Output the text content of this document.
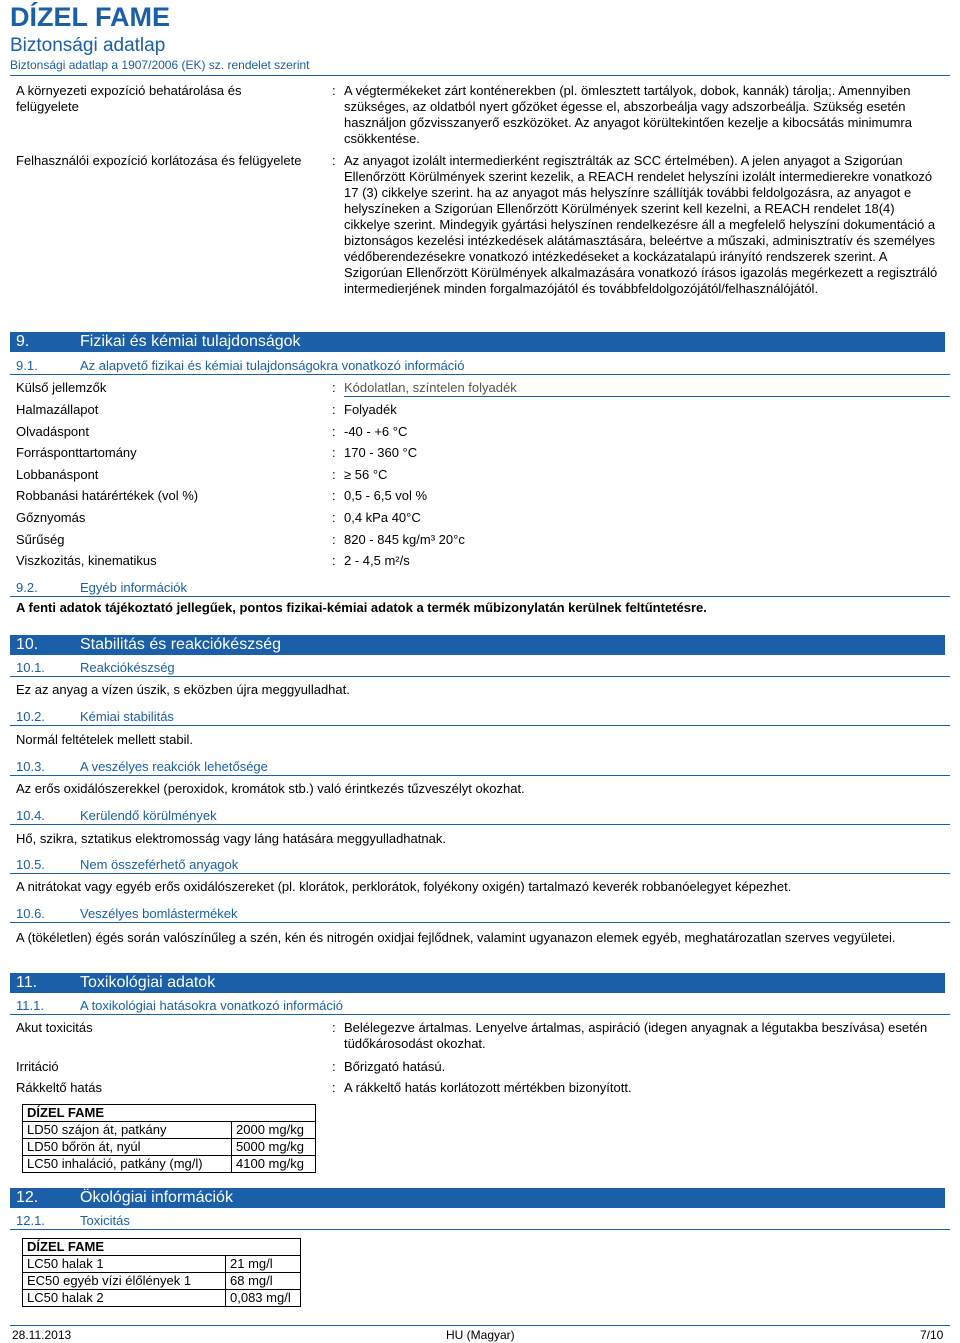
DÍZEL FAME
Biztonsági adatlap
Biztonsági adatlap a 1907/2006 (EK) sz. rendelet szerint
A környezeti expozíció behatárolása és felügyelete
: A végtermékeket zárt konténerekben (pl. ömlesztett tartályok, dobok, kannák) tárolja;. Amennyiben szükséges, az oldatból nyert gőzöket égesse el, abszorbeálja vagy adszorbeálja. Szükség esetén használjon gőzvisszanyerő eszközöket. Az anyagot körültekintően kezelje a kibocsátás minimumra csökkentése.
Felhasználói expozíció korlátozása és felügyelete	: Az anyagot izolált intermedierként regisztrálták az SCC értelmében). A jelen anyagot a Szigorúan Ellenőrzött Körülmények szerint kezelik, a REACH rendelet helyszíni izolált intermedierekre vonatkozó 17 (3) cikkelye szerint. ha az anyagot más helyszínre szállítják további feldolgozásra, az anyagot e helyszíneken a Szigorúan Ellenőrzött Körülmények szerint kell kezelni, a REACH rendelet 18(4) cikkelye szerint. Mindegyik gyártási helyszínen rendelkezésre áll a megfelelő helyszíni dokumentáció a biztonságos kezelési intézkedések alátámasztására, beleértve a műszaki, adminisztratív és személyes védőberendezésekre vonatkozó intézkedéseket a kockázatalapú irányító rendszerek szerint. A Szigorúan Ellenőrzött Körülmények alkalmazására vonatkozó írásos igazolás megérkezett a regisztráló intermedierjének minden forgalmazójától és továbbfeldolgozójától/felhasználójától.
9.	Fizikai és kémiai tulajdonságok
9.1.	Az alapvető fizikai és kémiai tulajdonságokra vonatkozó információ
Külső jellemzők	: Kódolatlan, színtelen folyadék
Halmazállapot	: Folyadék
Olvadáspont	: -40 - +6 °C
Forrásponttartomány	: 170 - 360 °C
Lobbanáspont	: ≥ 56 °C
Robbanási határértékek (vol %)	: 0,5 - 6,5 vol %
Gőznyomás	: 0,4 kPa 40°C
Sűrűség	: 820 - 845 kg/m³ 20°c
Viszkozitás, kinematikus	: 2 - 4,5 m²/s
9.2.	Egyéb információk
A fenti adatok tájékoztató jellegűek, pontos fizikai-kémiai adatok a termék műbizonylatán kerülnek feltűntetésre.
10.	Stabilitás és reakciókészség
10.1.	Reakciókészség
Ez az anyag a vízen úszik, s eközben újra meggyulladhat.
10.2.	Kémiai stabilitás
Normál feltételek mellett stabil.
10.3.	A veszélyes reakciók lehetősége
Az erős oxidálószerekkel (peroxidok, kromátok stb.) való érintkezés tűzveszélyt okozhat.
10.4.	Kerülendő körülmények
Hő, szikra, sztatikus elektromosság vagy láng hatására meggyulladhatnak.
10.5.	Nem összeférhető anyagok
A nitrátokat vagy egyéb erős oxidálószereket (pl. klorátok, perklorátok, folyékony oxigén) tartalmazó keverék robbanóelegyet képezhet.
10.6.	Veszélyes bomlástermékek
A (tökéletlen) égés során valószínűleg a szén, kén és nitrogén oxidjai fejlődnek, valamint ugyanazon elemek egyéb, meghatározatlan szerves vegyületei.
11.	Toxikológiai adatok
11.1.	A toxikológiai hatásokra vonatkozó információ
Akut toxicitás	: Belélegezve ártalmas. Lenyelve ártalmas, aspiráció (idegen anyagnak a légutakba beszívása) esetén tüdőkárosodást okozhat.
Irritáció	: Bőrizgató hatású.
Rákkeltő hatás	: A rákkeltő hatás korlátozott mértékben bizonyított.
DÍZEL FAME	
LD50 szájon át, patkány	2000 mg/kg
LD50 bőrön át, nyúl	5000 mg/kg
LC50 inhaláció, patkány (mg/l)	4100 mg/kg
12.	Ökológiai információk
12.1.	Toxicitás
DÍZEL FAME	
LC50 halak 1	21 mg/l
EC50 egyéb vízi élőlények 1	68 mg/l
LC50 halak 2	0,083 mg/l
28.11.2013	HU (Magyar)	7/10
